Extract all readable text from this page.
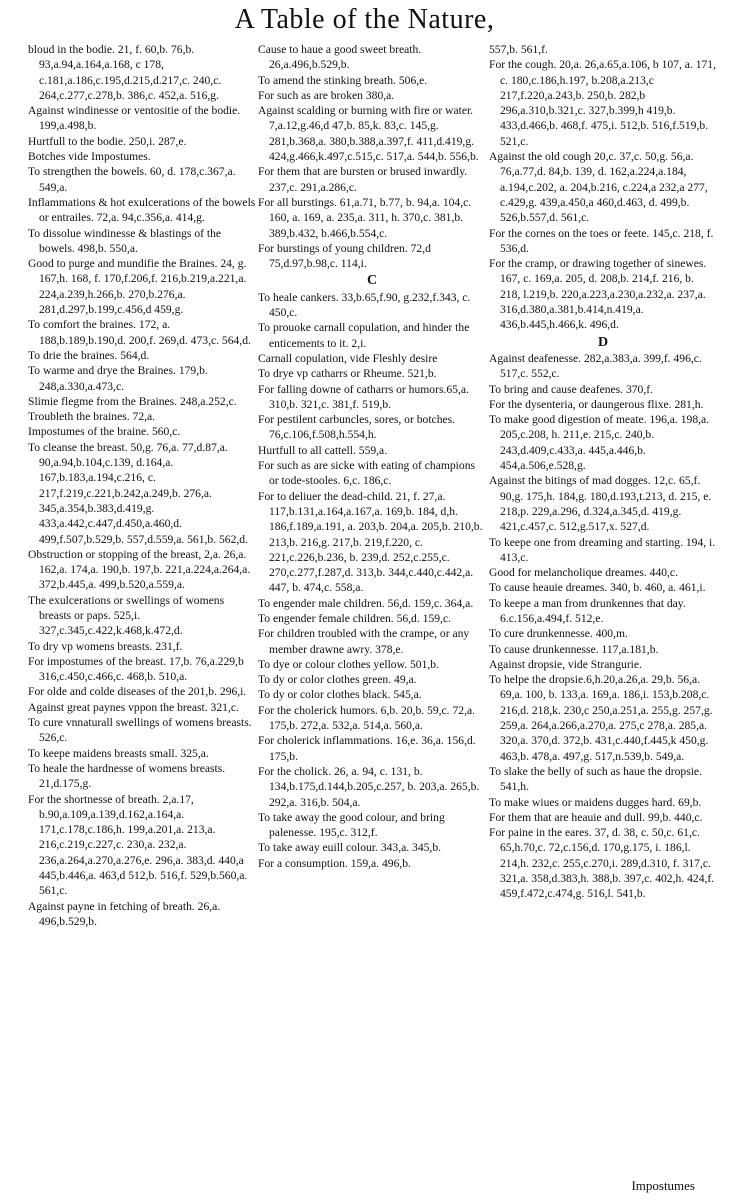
A Table of the Nature,
bloud in the bodie. 21, f. 60,b. 76,b. 93,a.94,a.164,a.168, c 178, c.181,a.186,c.195,d.215,d.217,c. 240,c. 264,c.277,c.278,b. 386,c. 452,a. 516,g.
Against windinesse or ventositie of the bodie. 199,a.498,b.
Hurtfull to the bodie. 250,i. 287,e.
Botches vide Impostumes.
To strengthen the bowels. 60, d. 178,c.367,a. 549,a.
Inflammations & hot exulcerations of the bowels or entrailes. 72,a. 94,c.356,a. 414,g.
To dissolue windinesse & blastings of the bowels. 498,b. 550,a.
Good to purge and mundifie the Braines. 24, g. 167,h. 168, f. 170,f.206,f. 216,b.219,a.221,a. 224,a.239,h.266,b. 270,b.276,a. 281,d.297,b.199,c.456,d 459,g.
To comfort the braines. 172, a. 188,b.189,b.190,d. 200,f. 269,d. 473,c. 564,d.
To drie the braines. 564,d.
To warme and drye the Braines. 179,b. 248,a.330,a.473,c.
Slimie flegme from the Braines. 248,a.252,c.
Troubleth the braines. 72,a.
Impostumes of the braine. 560,c.
To cleanse the breast. 50,g. 76,a. 77,d.87,a. 90,a.94,b.104,c.139, d.164,a. 167,b.183,a.194,c.216, c. 217,f.219,c.221,b.242,a.249,b. 276,a. 345,a.354,b.383,d.419,g. 433,a.442,c.447,d.450,a.460,d. 499,f.507,b.529,b. 557,d.559,a. 561,b. 562,d.
Obstruction or stopping of the breast, 2,a. 26,a. 162,a. 174,a. 190,b. 197,b. 221,a.224,a.264,a. 372,b.445,a. 499,b.520,a.559,a.
The exulcerations or swellings of womens breasts or paps. 525,i. 327,c.345,c.422,k.468,k.472,d.
To dry vp womens breasts. 231,f.
For impostumes of the breast. 17,b. 76,a.229,b 316,c.450,c.466,c. 468,b. 510,a.
For olde and colde diseases of the 201,b. 296,i.
Against great paynes vppon the breast. 321,c.
To cure vnnaturall swellings of womens breasts. 526,c.
To keepe maidens breasts small. 325,a.
To heale the hardnesse of womens breasts. 21,d.175,g.
For the shortnesse of breath. 2,a.17, b.90,a.109,a.139,d.162,a.164,a. 171,c.178,c.186,h. 199,a.201,a. 213,a. 216,c.219,c.227,c. 230,a. 232,a. 236,a.264,a.270,a.276,e. 296,a. 383,d. 440,a 445,b.446,a. 463,d 512,b. 516,f. 529,b.560,a. 561,c.
Against payne in fetching of breath. 26,a. 496,b.529,b.
Cause to haue a good sweet breath. 26,a.496,b.529,b.
To amend the stinking breath. 506,e.
For such as are broken 380,a.
Against scalding or burning with fire or water. 7,a.12,g.46,d 47,b. 85,k. 83,c. 145,g. 281,b.368,a. 380,b.388,a.397,f. 411,d.419,g. 424,g.466,k.497,c.515,c. 517,a. 544,b. 556,b.
For them that are bursten or brused inwardly. 237,c. 291,a.286,c.
For all burstings. 61,a.71, b.77, b. 94,a. 104,c. 160, a. 169, a. 235,a. 311, h. 370,c. 381,b. 389,b.432, b.466,b.554,c.
For burstings of young children. 72,d 75,d.97,b.98,c. 114,i.
C
To heale cankers. 33,b.65,f.90, g.232,f.343, c. 450,c.
To prouoke carnall copulation, and hinder the enticements to it. 2,i.
Carnall copulation, vide Fleshly desire
To drye vp catharrs or Rheume. 521,b.
For falling downe of catharrs or humors.65,a. 310,b. 321,c. 381,f. 519,b.
For pestilent carbuncles, sores, or botches. 76,c.106,f.508,h.554,h.
Hurtfull to all cattell. 559,a.
For such as are sicke with eating of champions or tode-stooles. 6,c. 186,c.
For to deliuer the dead-child. 21, f. 27,a. 117,b.131,a.164,a.167,a. 169,b. 184, d,h. 186,f.189,a.191, a. 203,b. 204,a. 205,b. 210,b. 213,b. 216,g. 217,b. 219,f.220, c. 221,c.226,b.236, b. 239,d. 252,c.255,c. 270,c.277,f.287,d. 313,b. 344,c.440,c.442,a. 447, b. 474,c. 558,a.
To engender male children. 56,d. 159,c. 364,a.
To engender female children. 56,d. 159,c.
For children troubled with the crampe, or any member drawne awry. 378,e.
To dye or colour clothes yellow. 501,b.
To dy or color clothes green. 49,a.
To dy or color clothes black. 545,a.
For the cholerick humors. 6,b. 20,b. 59,c. 72,a. 175,b. 272,a. 532,a. 514,a. 560,a.
For cholerick inflammations. 16,e. 36,a. 156,d. 175,b.
For the cholick. 26, a. 94, c. 131, b. 134,b.175,d.144,b.205,c.257, b. 203,a. 265,b. 292,a. 316,b. 504,a.
To take away the good colour, and bring palenesse. 195,c. 312,f.
To take away euill colour. 343,a. 345,b.
For a consumption. 159,a. 496,b.
557,b. 561,f.
For the cough. 20,a. 26,a.65,a.106, b 107, a. 171, c. 180,c.186,h.197, b.208,a.213,c 217,f.220,a.243,b. 250,b. 282,b 296,a.310,b.321,c. 327,b.399,h 419,b. 433,d.466,b. 468,f. 475,i. 512,b. 516,f.519,b. 521,c.
Against the old cough 20,c. 37,c. 50,g. 56,a. 76,a.77,d. 84,b. 139, d. 162,a.224,a.184, a.194,c.202, a. 204,b.216, c.224,a 232,a 277, c.429,g. 439,a.450,a 460,d.463, d. 499,b. 526,b.557,d. 561,c.
For the cornes on the toes or feete. 145,c. 218, f. 536,d.
For the cramp, or drawing together of sinewes. 167, c. 169,a. 205, d. 208,b. 214,f. 216, b. 218, l.219,b. 220,a.223,a.230,a.232,a. 237,a. 316,d.380,a.381,b.414,n.419,a. 436,b.445,h.466,k. 496,d.
D
Against deafenesse. 282,a.383,a. 399,f. 496,c. 517,c. 552,c.
To bring and cause deafenes. 370,f.
For the dysenteria, or daungerous flixe. 281,h.
To make good digestion of meate. 196,a. 198,a. 205,c.208, h. 211,e. 215,c. 240,b. 243,d.409,c.433,a. 445,a.446,b. 454,a.506,e.528,g.
Against the bitings of mad dogges. 12,c. 65,f. 90,g. 175,h. 184,g. 180,d.193,t.213, d. 215, e. 218,p. 229,a.296, d.324,a.345,d. 419,g. 421,c.457,c. 512,g.517,x. 527,d.
To keepe one from dreaming and starting. 194, i. 413,c.
Good for melancholique dreames. 440,c.
To cause heauie dreames. 340, b. 460, a. 461,i.
To keepe a man from drunkennes that day. 6.c.156,a.494,f. 512,e.
To cure drunkennesse. 400,m.
To cause drunkennesse. 117,a.181,b.
Against dropsie, vide Strangurie.
To helpe the dropsie.6,h.20,a.26,a. 29,b. 56,a. 69,a. 100, b. 133,a. 169,a. 186,i. 153,b.208,c. 216,d. 218,k. 230,c 250,a.251,a. 255,g. 257,g. 259,a. 264,a.266,a.270,a. 275,c 278,a. 285,a. 320,a. 370,d. 372,b. 431,c.440,f.445,k 450,g. 463,b. 478,a. 497,g. 517,n.539,b. 549,a.
To slake the belly of such as haue the dropsie. 541,h.
To make wiues or maidens dugges hard. 69,b.
For them that are heauie and dull. 99,b. 440,c.
For paine in the eares. 37, d. 38, c. 50,c. 61,c. 65,h.70,c. 72,c.156,d. 170,g.175, i. 186,l. 214,h. 232,c. 255,c.270,i. 289,d.310, f. 317,c. 321,a. 358,d.383,h. 388,b. 397,c. 402,h. 424,f. 459,f.472,c.474,g. 516,l. 541,b.
Impostumes
